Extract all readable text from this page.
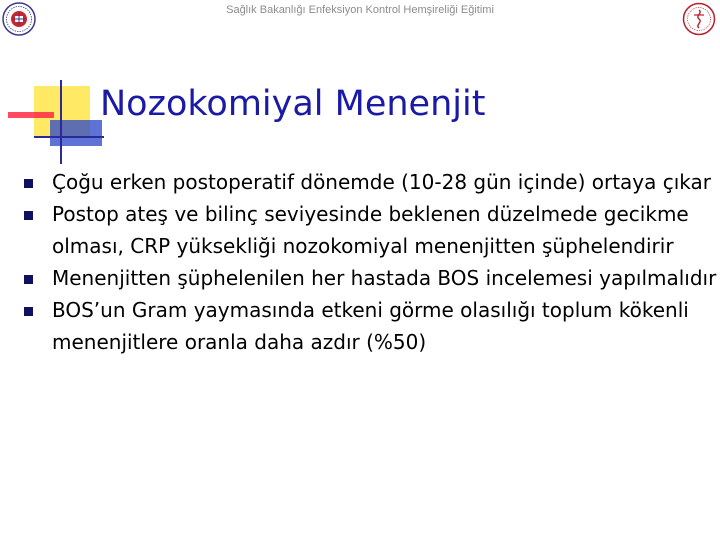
Sağlık Bakanlığı Enfeksiyon Kontrol Hemşireliği Eğitimi
Nozokomiyal Menenjit
Çoğu erken postoperatif dönemde (10-28 gün içinde) ortaya çıkar
Postop ateş ve bilinç seviyesinde beklenen düzelmede gecikme olması, CRP yüksekliği nozokomiyal menenjitten şüphelendirir
Menenjitten şüphelenilen her hastada BOS incelemesi yapılmalıdır
BOS’un Gram yaymasında etkeni görme olasılığı toplum kökenli menenjitlere oranla daha azdır (%50)
